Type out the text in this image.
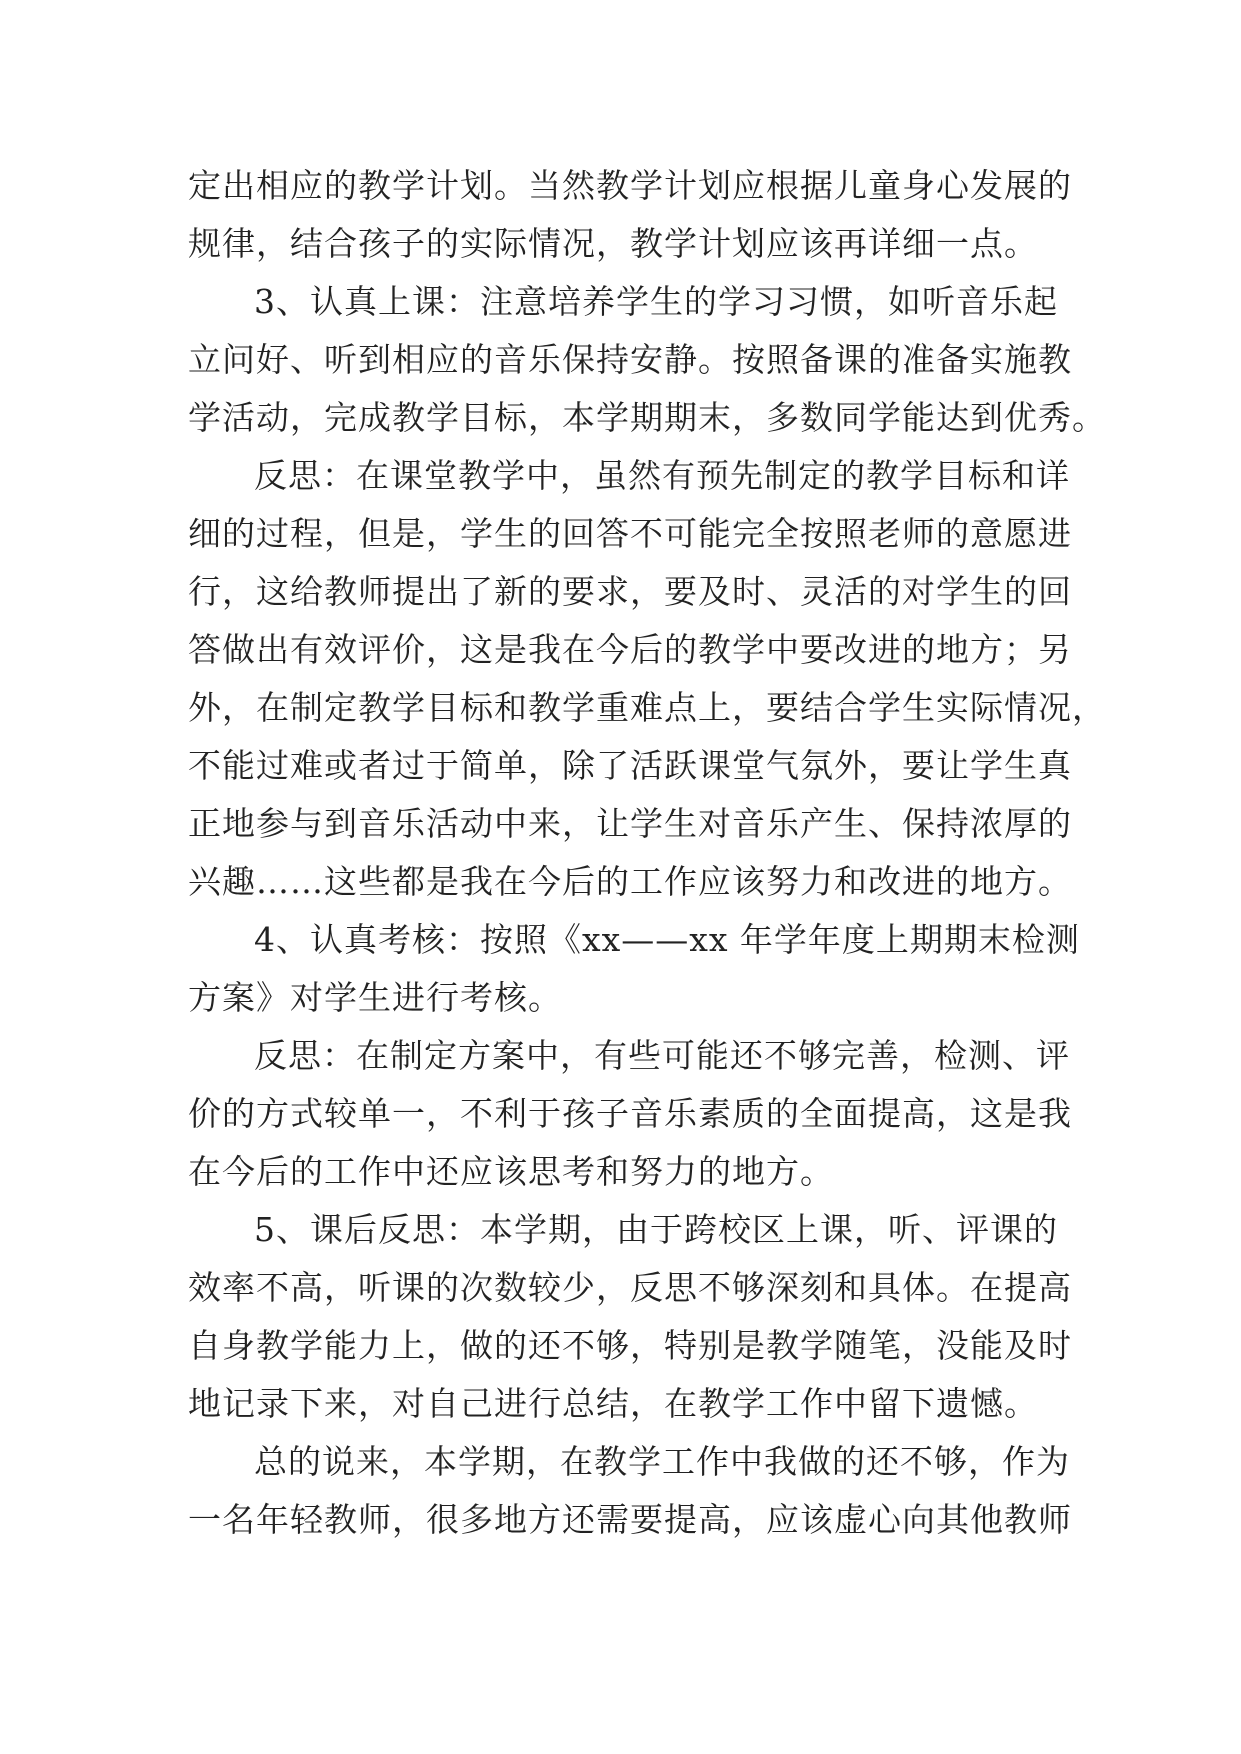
定出相应的教学计划。当然教学计划应根据儿童身心发展的
规律，结合孩子的实际情况，教学计划应该再详细一点。
3、认真上课：注意培养学生的学习习惯，如听音乐起
立问好、听到相应的音乐保持安静。按照备课的准备实施教
学活动，完成教学目标，本学期期末，多数同学能达到优秀。
反思：在课堂教学中，虽然有预先制定的教学目标和详
细的过程，但是，学生的回答不可能完全按照老师的意愿进
行，这给教师提出了新的要求，要及时、灵活的对学生的回
答做出有效评价，这是我在今后的教学中要改进的地方；另
外，在制定教学目标和教学重难点上，要结合学生实际情况，
不能过难或者过于简单，除了活跃课堂气氛外，要让学生真
正地参与到音乐活动中来，让学生对音乐产生、保持浓厚的
兴趣……这些都是我在今后的工作应该努力和改进的地方。
4、认真考核：按照《xx——xx 年学年度上期期末检测
方案》对学生进行考核。
反思：在制定方案中，有些可能还不够完善，检测、评
价的方式较单一，不利于孩子音乐素质的全面提高，这是我
在今后的工作中还应该思考和努力的地方。
5、课后反思：本学期，由于跨校区上课，听、评课的
效率不高，听课的次数较少，反思不够深刻和具体。在提高
自身教学能力上，做的还不够，特别是教学随笔，没能及时
地记录下来，对自己进行总结，在教学工作中留下遗憾。
总的说来，本学期，在教学工作中我做的还不够，作为
一名年轻教师，很多地方还需要提高，应该虚心向其他教师
